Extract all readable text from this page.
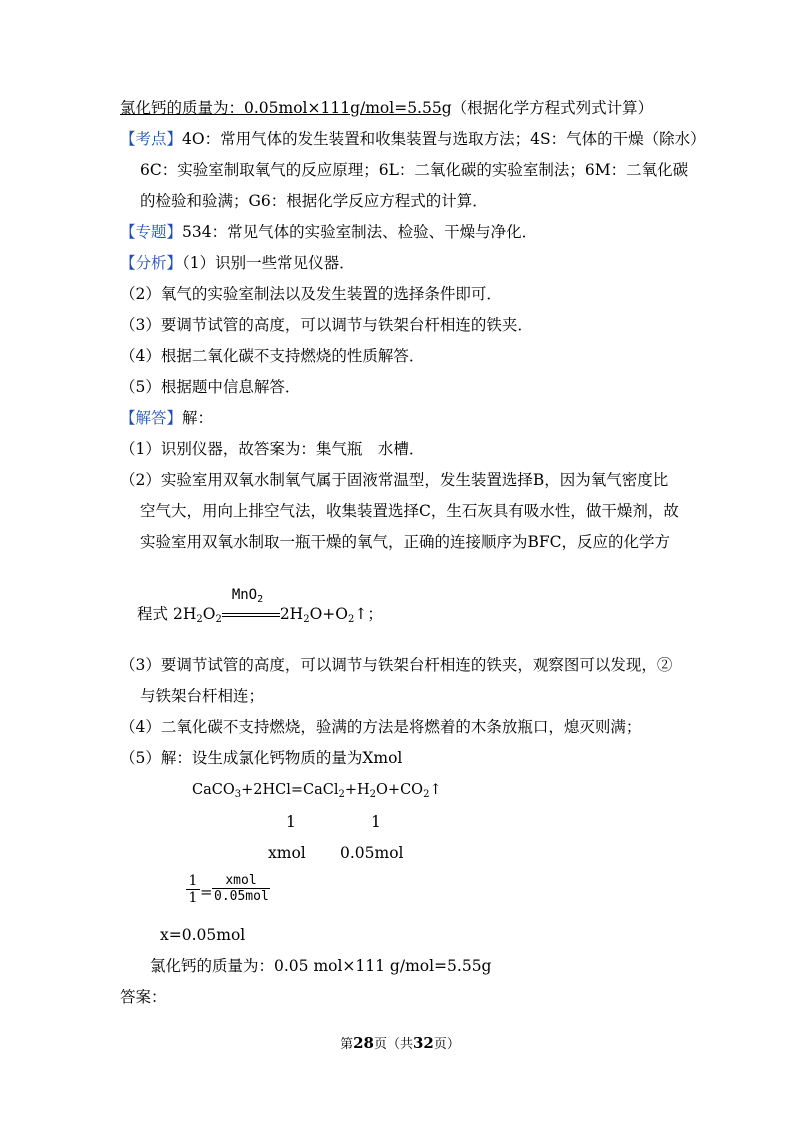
氯化钙的质量为：0.05mol×111g/mol=5.55g（根据化学方程式列式计算）
【考点】4O：常用气体的发生装置和收集装置与选取方法；4S：气体的干燥（除水）
6C：实验室制取氧气的反应原理；6L：二氧化碳的实验室制法；6M：二氧化碳
的检验和验满；G6：根据化学反应方程式的计算．
【专题】534：常见气体的实验室制法、检验、干燥与净化．
【分析】（1）识别一些常见仪器．
（2）氧气的实验室制法以及发生装置的选择条件即可．
（3）要调节试管的高度，可以调节与铁架台杆相连的铁夹．
（4）根据二氧化碳不支持燃烧的性质解答．
（5）根据题中信息解答．
【解答】解：
（1）识别仪器，故答案为：集气瓶　水槽．
（2）实验室用双氧水制氧气属于固液常温型，发生装置选择B，因为氧气密度比
空气大，用向上排空气法，收集装置选择C，生石灰具有吸水性，做干燥剂，故
实验室用双氧水制取一瓶干燥的氧气，正确的连接顺序为BFC，反应的化学方
程式 $2H_2O_2$
MnO$_2$
$2H_2O+O_2↑$；
（3）要调节试管的高度，可以调节与铁架台杆相连的铁夹，观察图可以发现，②
与铁架台杆相连；
（4）二氧化碳不支持燃烧，验满的方法是将燃着的木条放瓶口，熄灭则满；
（5）解：设生成氯化钙物质的量为Xmol
$CaCO_3+2HCl=CaCl_2+H_2O+CO_2↑$
1	1
xmol 0.05mol
$\frac{1}{1}$ =
xmol
0.05mol
x=0.05mol
氯化钙的质量为：0.05 mol×111 g/mol=5.55g
答案：
第28页（共32页）
